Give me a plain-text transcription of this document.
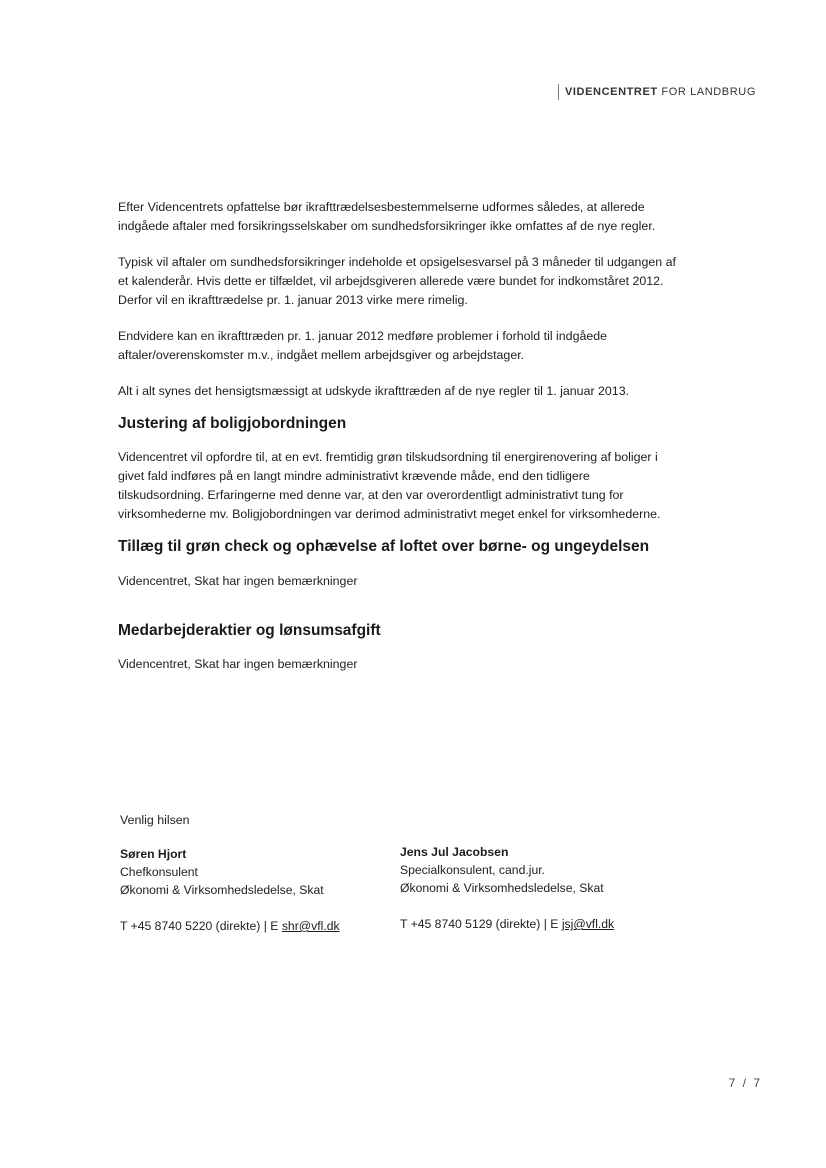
VIDENCENTRET FOR LANDBRUG

Efter Videncentrets opfattelse bør ikrafttrædelsesbestemmelserne udformes således, at allerede indgåede aftaler med forsikringsselskaber om sundhedsforsikringer ikke omfattes af de nye regler.

Typisk vil aftaler om sundhedsforsikringer indeholde et opsigelsesvarsel på 3 måneder til udgangen af et kalenderår. Hvis dette er tilfældet, vil arbejdsgiveren allerede være bundet for indkomståret 2012. Derfor vil en ikrafttrædelse pr. 1. januar 2013 virke mere rimelig.

Endvidere kan en ikrafttræden pr. 1. januar 2012 medføre problemer i forhold til indgåede aftaler/overenskomster m.v., indgået mellem arbejdsgiver og arbejdstager.

Alt i alt synes det hensigtsmæssigt at udskyde ikrafttræden af de nye regler til 1. januar 2013.

Justering af boligjobordningen

Videncentret vil opfordre til, at en evt. fremtidig grøn tilskudsordning til energirenovering af boliger i givet fald indføres på en langt mindre administrativt krævende måde, end den tidligere tilskudsordning. Erfaringerne med denne var, at den var overordentligt administrativt tung for virksomhederne mv. Boligjobordningen var derimod administrativt meget enkel for virksomhederne.

Tillæg til grøn check og ophævelse af loftet over børne- og ungeydelsen

Videncentret, Skat har ingen bemærkninger

Medarbejderaktier og lønsumsafgift

Videncentret, Skat har ingen bemærkninger

Venlig hilsen

Søren Hjort

Chefkonsulent

Økonomi & Virksomhedsledelse, Skat

Jens Jul Jacobsen

Specialkonsulent, cand.jur.

Økonomi & Virksomhedsledelse, Skat

T +45 8740 5220 (direkte) | E shr@vfl.dk	T +45 8740 5129 (direkte) | E jsj@vfl.dk

7 / 7
